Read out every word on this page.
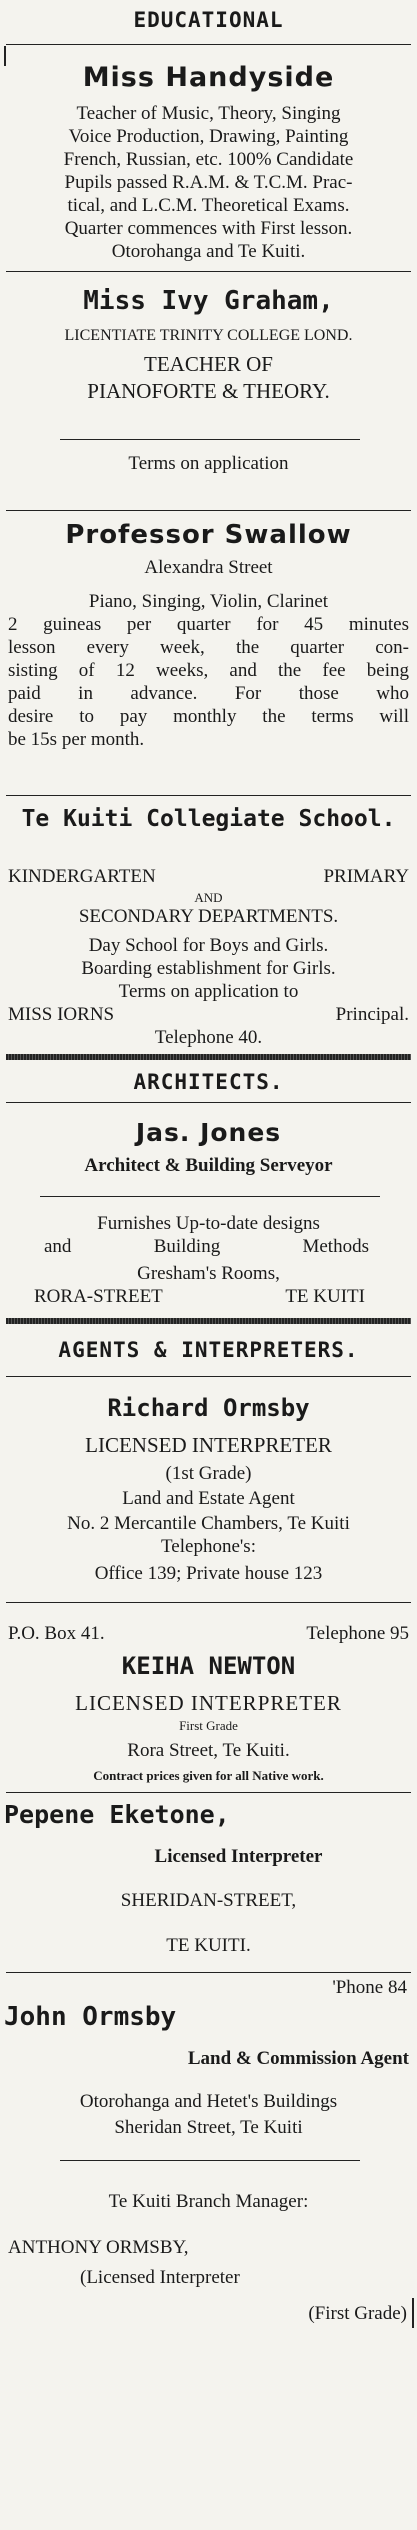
EDUCATIONAL
Miss Handyside
Teacher of Music, Theory, Singing
Voice Production, Drawing, Painting
French, Russian, etc. 100% Candidate
Pupils passed R.A.M. & T.C.M. Prac-
tical, and L.C.M. Theoretical Exams.
Quarter commences with First lesson.
Otorohanga and Te Kuiti.
Miss Ivy Graham,
LICENTIATE TRINITY COLLEGE LOND.
TEACHER OF
PIANOFORTE & THEORY.
Terms on application
Professor Swallow
Alexandra Street
Piano, Singing, Violin, Clarinet
2 guineas per quarter for 45 minutes
lesson every week, the quarter con-
sisting of 12 weeks, and the fee being
paid in advance. For those who
desire to pay monthly the terms will
be 15s per month.
Te Kuiti Collegiate School.
KINDERGARTEN	PRIMARY
AND
SECONDARY DEPARTMENTS.
Day School for Boys and Girls.
Boarding establishment for Girls.
Terms on application to
MISS IORNS	Principal.
Telephone 40.
ARCHITECTS.
Jas. Jones
Architect & Building Serveyor
Furnishes Up-to-date designs
and	Building	Methods
Gresham's Rooms,
RORA-STREET	TE KUITI
AGENTS & INTERPRETERS.
Richard Ormsby
LICENSED INTERPRETER
(1st Grade)
Land and Estate Agent
No. 2 Mercantile Chambers, Te Kuiti
Telephone's:
Office 139; Private house 123
P.O. Box 41.	Telephone 95
KEIHA NEWTON
LICENSED INTERPRETER
First Grade
Rora Street, Te Kuiti.
Contract prices given for all Native work.
Pepene Eketone,
Licensed Interpreter
SHERIDAN-STREET,
TE KUITI.
'Phone 84
John Ormsby
Land & Commission Agent
Otorohanga and Hetet's Buildings
Sheridan Street, Te Kuiti
Te Kuiti Branch Manager:
ANTHONY ORMSBY,
(Licensed Interpreter
(First Grade)
